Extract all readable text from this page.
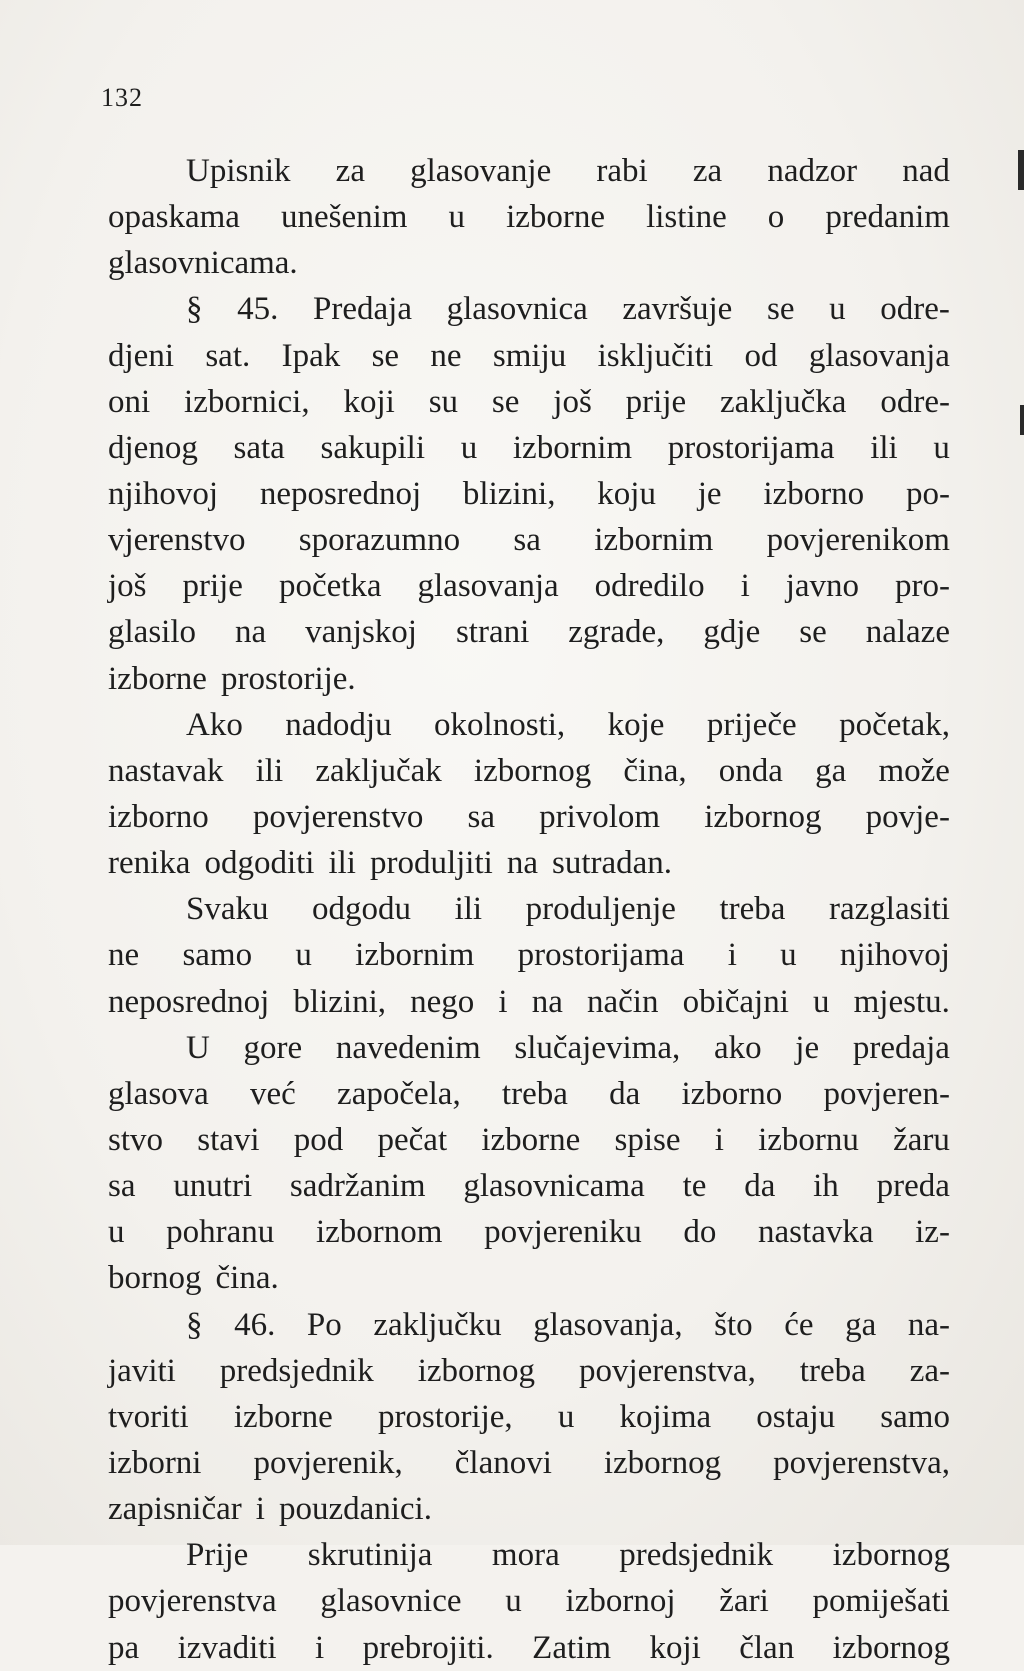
132
Upisnik za glasovanje rabi za nadzor nad
opaskama unešenim u izborne listine o predanim
glasovnicama.
§ 45. Predaja glasovnica završuje se u odre-
djeni sat. Ipak se ne smiju isključiti od glasovanja
oni izbornici, koji su se još prije zaključka odre-
djenog sata sakupili u izbornim prostorijama ili u
njihovoj neposrednoj blizini, koju je izborno po-
vjerenstvo sporazumno sa izbornim povjerenikom
još prije početka glasovanja odredilo i javno pro-
glasilo na vanjskoj strani zgrade, gdje se nalaze
izborne prostorije.
Ako nadodju okolnosti, koje priječe početak,
nastavak ili zaključak izbornog čina, onda ga može
izborno povjerenstvo sa privolom izbornog povje-
renika odgoditi ili produljiti na sutradan.
Svaku odgodu ili produljenje treba razglasiti
ne samo u izbornim prostorijama i u njihovoj
neposrednoj blizini, nego i na način običajni u mjestu.
U gore navedenim slučajevima, ako je predaja
glasova već započela, treba da izborno povjeren-
stvo stavi pod pečat izborne spise i izbornu žaru
sa unutri sadržanim glasovnicama te da ih preda
u pohranu izbornom povjereniku do nastavka iz-
bornog čina.
§ 46. Po zaključku glasovanja, što će ga na-
javiti predsjednik izbornog povjerenstva, treba za-
tvoriti izborne prostorije, u kojima ostaju samo
izborni povjerenik, članovi izbornog povjerenstva,
zapisničar i pouzdanici.
Prije skrutinija mora predsjednik izbornog
povjerenstva glasovnice u izbornoj žari pomiješati
pa izvaditi i prebrojiti. Zatim koji član izbornog
